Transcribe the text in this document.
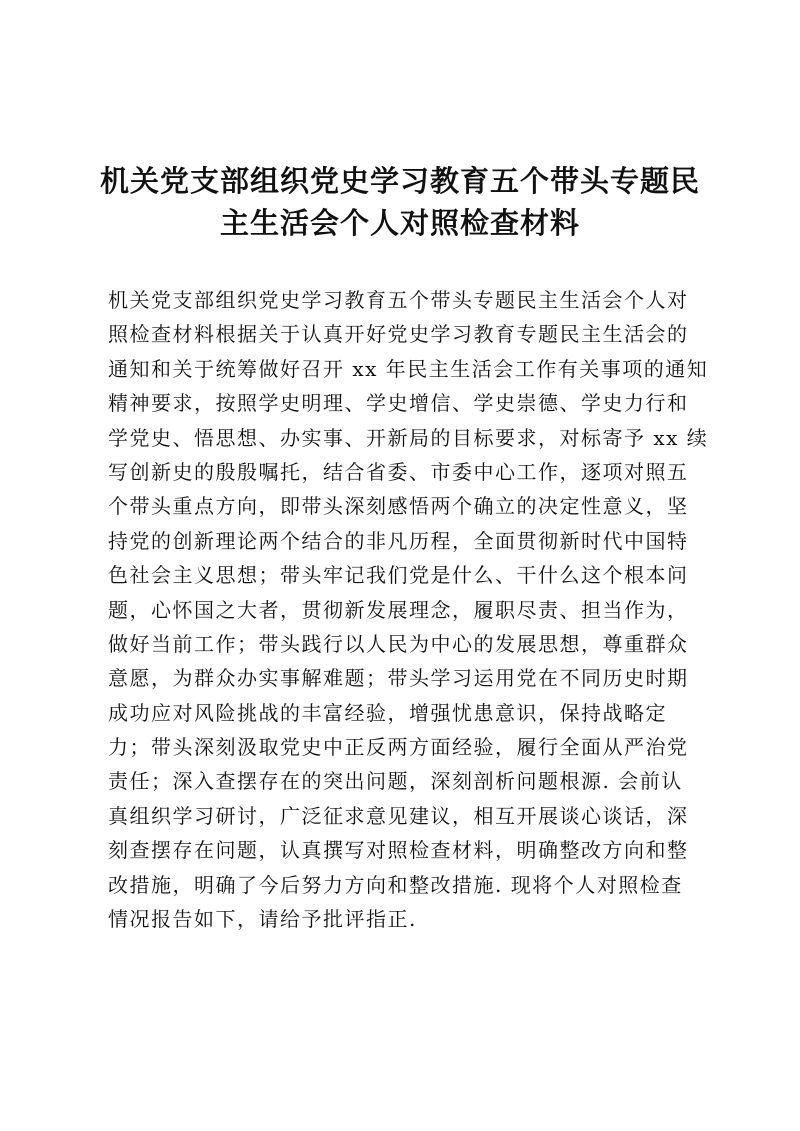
机关党支部组织党史学习教育五个带头专题民
主生活会个人对照检查材料
机关党支部组织党史学习教育五个带头专题民主生活会个人对
照检查材料根据关于认真开好党史学习教育专题民主生活会的
通知和关于统筹做好召开 xx 年民主生活会工作有关事项的通知
精神要求，按照学史明理、学史增信、学史崇德、学史力行和
学党史、悟思想、办实事、开新局的目标要求，对标寄予 xx 续
写创新史的殷殷嘱托，结合省委、市委中心工作，逐项对照五
个带头重点方向，即带头深刻感悟两个确立的决定性意义，坚
持党的创新理论两个结合的非凡历程，全面贯彻新时代中国特
色社会主义思想；带头牢记我们党是什么、干什么这个根本问
题，心怀国之大者，贯彻新发展理念，履职尽责、担当作为，
做好当前工作；带头践行以人民为中心的发展思想，尊重群众
意愿，为群众办实事解难题；带头学习运用党在不同历史时期
成功应对风险挑战的丰富经验，增强忧患意识，保持战略定
力；带头深刻汲取党史中正反两方面经验，履行全面从严治党
责任；深入查摆存在的突出问题，深刻剖析问题根源. 会前认
真组织学习研讨，广泛征求意见建议，相互开展谈心谈话，深
刻查摆存在问题，认真撰写对照检查材料，明确整改方向和整
改措施，明确了今后努力方向和整改措施. 现将个人对照检查
情况报告如下，请给予批评指正.
